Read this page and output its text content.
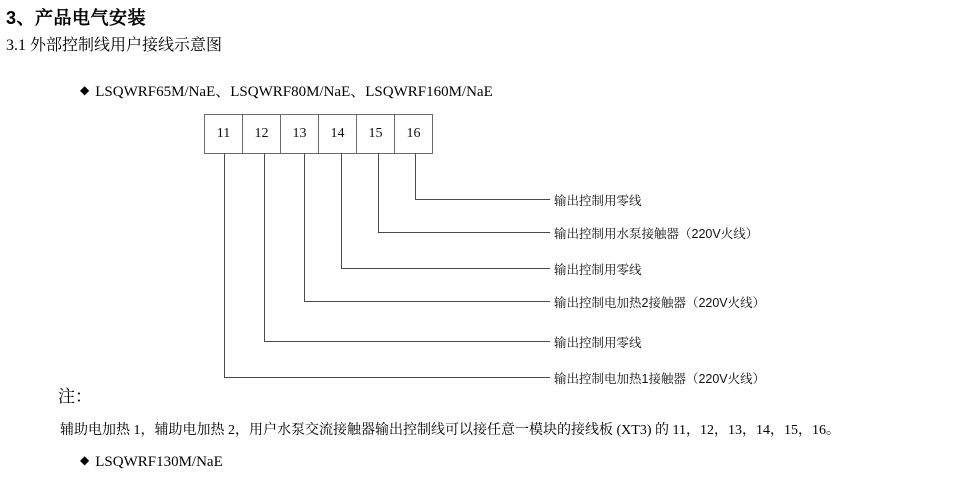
3、产品电气安装
3.1 外部控制线用户接线示意图
◆ LSQWRF65M/NaE、LSQWRF80M/NaE、LSQWRF160M/NaE
11	12	13	14	15	16
输出控制用零线
输出控制用水泵接触器（220V火线）
输出控制用零线
输出控制电加热2接触器（220V火线）
输出控制用零线
输出控制电加热1接触器（220V火线）
注：
辅助电加热 1，辅助电加热 2，用户水泵交流接触器输出控制线可以接任意一模块的接线板 (XT3) 的 11，12，13，14，15，16。
◆ LSQWRF130M/NaE
